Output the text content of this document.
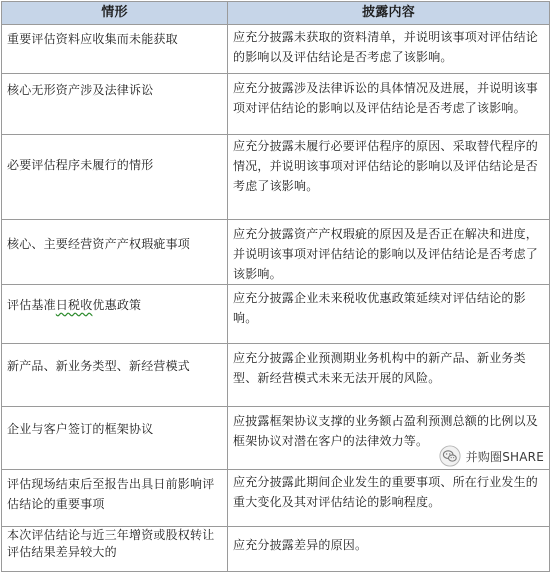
情形	披露内容
重要评估资料应收集而未能获取	应充分披露未获取的资料清单，并说明该事项对评估结论的影响以及评估结论是否考虑了该影响。
核心无形资产涉及法律诉讼	应充分披露涉及法律诉讼的具体情况及进展，并说明该事项对评估结论的影响以及评估结论是否考虑了该影响。
必要评估程序未履行的情形	应充分披露未履行必要评估程序的原因、采取替代程序的情况，并说明该事项对评估结论的影响以及评估结论是否考虑了该影响。
核心、主要经营资产产权瑕疵事项	应充分披露资产产权瑕疵的原因及是否正在解决和进度，并说明该事项对评估结论的影响以及评估结论是否考虑了该影响。
评估基准日税收优惠政策	应充分披露企业未来税收优惠政策延续对评估结论的影响。
新产品、新业务类型、新经营模式	应充分披露企业预测期业务机构中的新产品、新业务类型、新经营模式未来无法开展的风险。
企业与客户签订的框架协议	应披露框架协议支撑的业务额占盈利预测总额的比例以及框架协议对潜在客户的法律效力等。
评估现场结束后至报告出具日前影响评估结论的重要事项	应充分披露此期间企业发生的重要事项、所在行业发生的重大变化及其对评估结论的影响程度。
本次评估结论与近三年增资或股权转让评估结果差异较大的	应充分披露差异的原因。
并购圈SHARE
